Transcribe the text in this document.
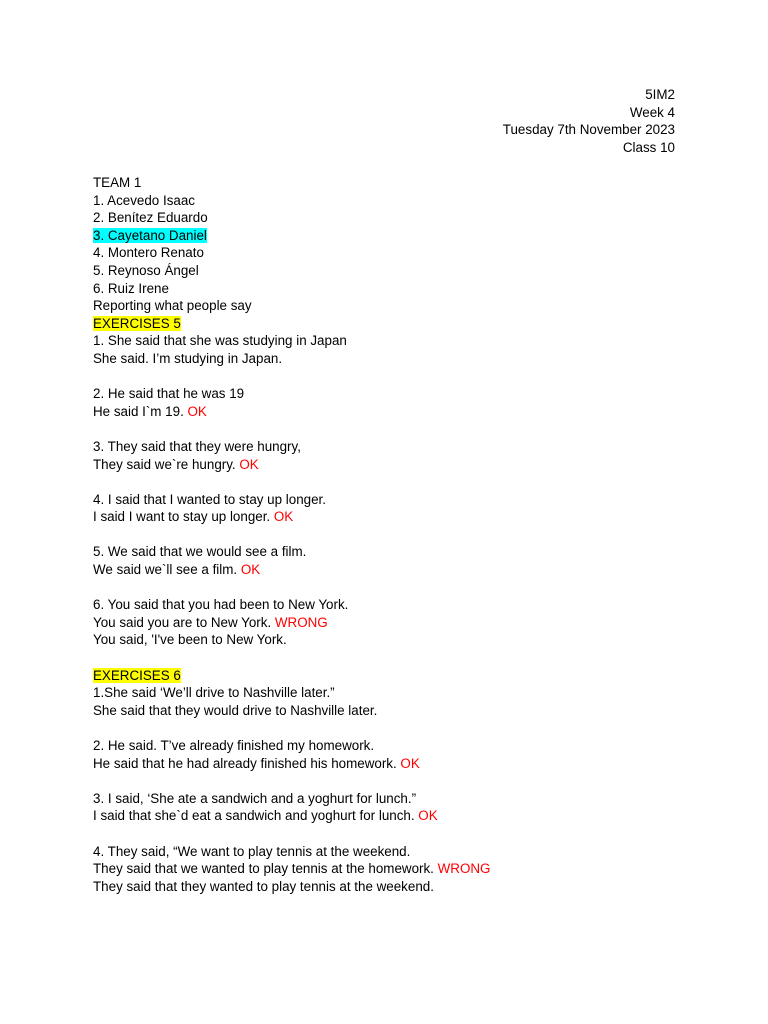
5IM2
Week 4
Tuesday 7th November 2023
Class 10
TEAM 1
1. Acevedo Isaac
2. Benítez Eduardo
3. Cayetano Daniel
4. Montero Renato
5. Reynoso Ángel
6. Ruiz Irene
Reporting what people say
EXERCISES 5
1. She said that she was studying in Japan
She said. I’m studying in Japan.
2. He said that he was 19
He said I`m 19. OK
3. They said that they were hungry,
They said we`re hungry. OK
4. I said that I wanted to stay up longer.
I said I want to stay up longer. OK
5. We said that we would see a film.
We said we`ll see a film. OK
6. You said that you had been to New York.
You said you are to New York. WRONG
You said, 'I've been to New York.
EXERCISES 6
1.She said ‘We’ll drive to Nashville later.”
She said that they would drive to Nashville later.
2. He said. T’ve already finished my homework.
He said that he had already finished his homework. OK
3. I said, ‘She ate a sandwich and a yoghurt for lunch.”
I said that she`d eat a sandwich and yoghurt for lunch. OK
4. They said, “We want to play tennis at the weekend.
They said that we wanted to play tennis at the homework. WRONG
They said that they wanted to play tennis at the weekend.
